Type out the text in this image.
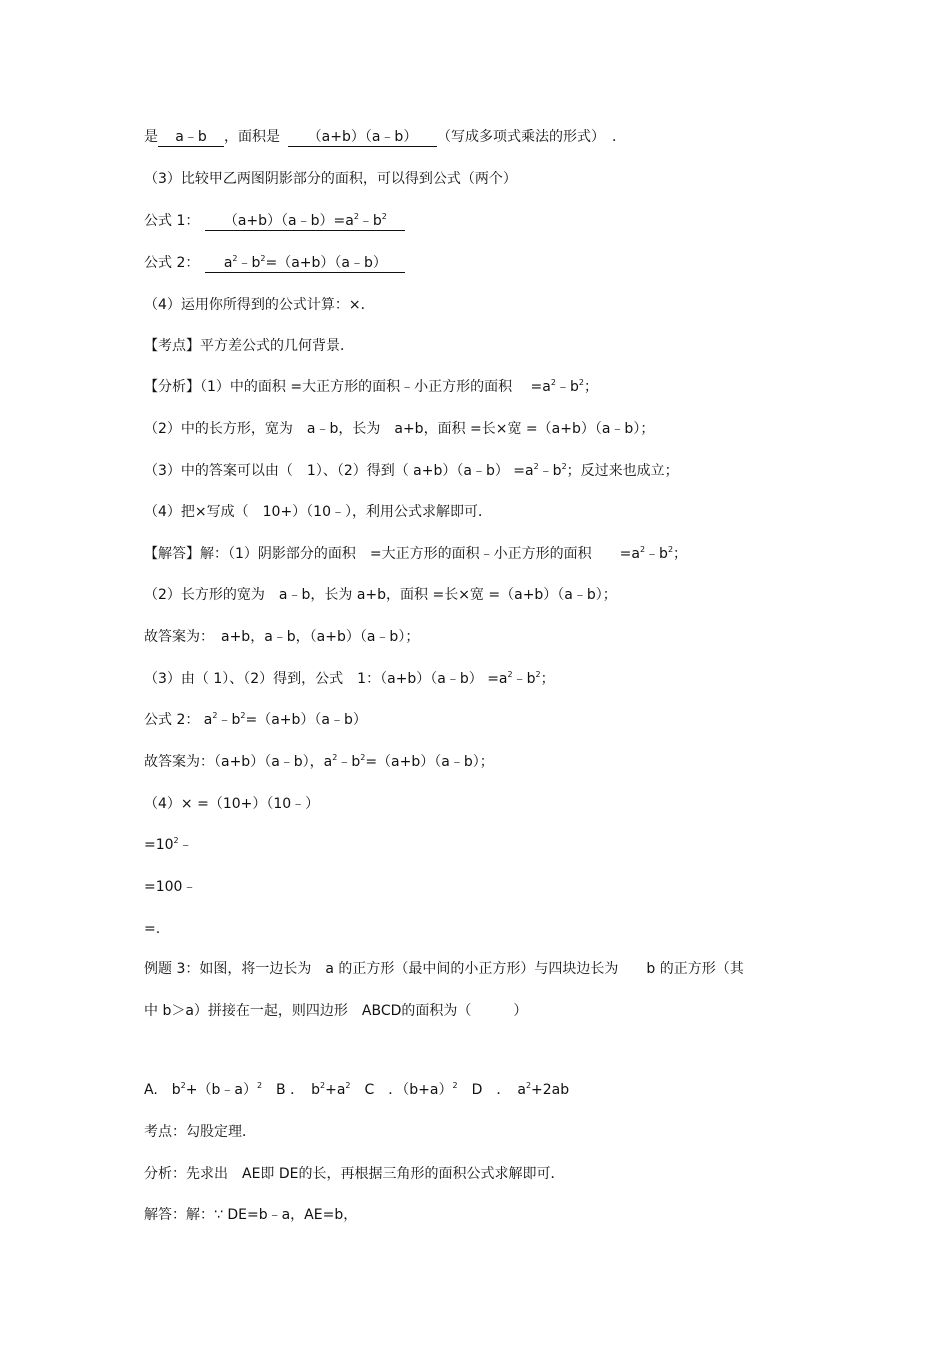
是 a﹣b ，面积是 （a+b）（a﹣b） （写成多项式乘法的形式）　．
（3）比较甲乙两图阴影部分的面积，可以得到公式（两个）
公式 1： $(a+b)(a﹣b)=a^2﹣b^2$
公式 2： $a^2﹣b^2=(a+b)(a﹣b)$
（4）运用你所得到的公式计算：×．
【考点】平方差公式的几何背景．
【分析】（1）中的面积 =大正方形的面积﹣小正方形的面积　 $=a^2﹣b^2$；
（2）中的长方形，宽为　a﹣b，长为　a+b，面积 =长×宽 =（a+b）（a﹣b）；
（3）中的答案可以由（　1）、（2）得到（ a+b）（a﹣b） $=a^2﹣b^2$；反过来也成立；
（4）把×写成（　10+）（10﹣），利用公式求解即可．
【解答】解：（1）阴影部分的面积　=大正方形的面积﹣小正方形的面积　　$=a^2﹣b^2$；
（2）长方形的宽为　a﹣b，长为 a+b，面积 =长×宽 =（a+b）（a﹣b）；
故答案为：　a+b，a﹣b，（a+b）（a﹣b）；
（3）由（ 1）、（2）得到，公式　1：（a+b）（a﹣b） $=a^2﹣b^2$；
公式 2： $a^2﹣b^2=(a+b)(a﹣b)$
故答案为：（a+b）（a﹣b），$a^2﹣b^2=(a+b)(a﹣b)$；
（4）× =（10+）（10﹣）
$=10^2﹣$
=100﹣
=.
例题 3：如图，将一边长为　a 的正方形（最中间的小正方形）与四块边长为　　b 的正方形（其
中 b＞a）拼接在一起，则四边形　ABCD的面积为（　　　）
A.　$b^2+(b﹣a)^2$　B ．　$b^2+a^2$　C　．$(b+a)^2$　D　．　$a^2+2ab$
考点：勾股定理．
分析：先求出　AE即 DE的长，再根据三角形的面积公式求解即可．
解答：解：∵ DE=b﹣a，AE=b，
